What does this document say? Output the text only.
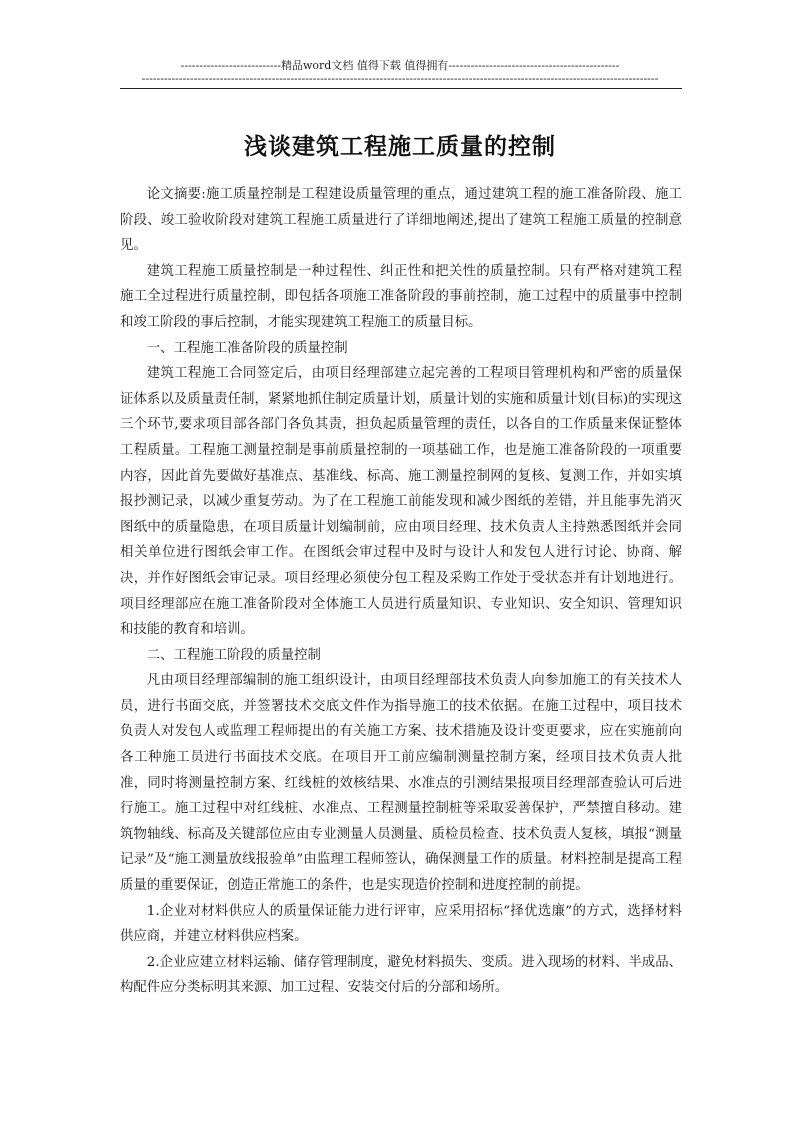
---------------------------精品word文档 值得下载 值得拥有----------------------------------------------
-------------------------------------------------------------------------------------------------------------------------------------------
浅谈建筑工程施工质量的控制

论文摘要:施工质量控制是工程建设质量管理的重点，通过建筑工程的施工准备阶段、施工阶段、竣工验收阶段对建筑工程施工质量进行了详细地阐述,提出了建筑工程施工质量的控制意见。

建筑工程施工质量控制是一种过程性、纠正性和把关性的质量控制。只有严格对建筑工程施工全过程进行质量控制，即包括各项施工准备阶段的事前控制，施工过程中的质量事中控制和竣工阶段的事后控制，才能实现建筑工程施工的质量目标。

一、工程施工准备阶段的质量控制

建筑工程施工合同签定后，由项目经理部建立起完善的工程项目管理机构和严密的质量保证体系以及质量责任制，紧紧地抓住制定质量计划，质量计划的实施和质量计划(目标)的实现这三个环节,要求项目部各部门各负其责，担负起质量管理的责任，以各自的工作质量来保证整体工程质量。工程施工测量控制是事前质量控制的一项基础工作，也是施工准备阶段的一项重要内容，因此首先要做好基准点、基准线、标高、施工测量控制网的复核、复测工作，并如实填报抄测记录，以减少重复劳动。为了在工程施工前能发现和减少图纸的差错，并且能事先消灭图纸中的质量隐患，在项目质量计划编制前，应由项目经理、技术负责人主持熟悉图纸并会同相关单位进行图纸会审工作。在图纸会审过程中及时与设计人和发包人进行讨论、协商、解决，并作好图纸会审记录。项目经理必须使分包工程及采购工作处于受状态并有计划地进行。项目经理部应在施工准备阶段对全体施工人员进行质量知识、专业知识、安全知识、管理知识和技能的教育和培训。

二、工程施工阶段的质量控制

凡由项目经理部编制的施工组织设计，由项目经理部技术负责人向参加施工的有关技术人员，进行书面交底，并签署技术交底文件作为指导施工的技术依据。在施工过程中，项目技术负责人对发包人或监理工程师提出的有关施工方案、技术措施及设计变更要求，应在实施前向各工种施工员进行书面技术交底。在项目开工前应编制测量控制方案，经项目技术负责人批准，同时将测量控制方案、红线桩的效核结果、水准点的引测结果报项目经理部查验认可后进行施工。施工过程中对红线桩、水准点、工程测量控制桩等采取妥善保护，严禁擅自移动。建筑物轴线、标高及关键部位应由专业测量人员测量、质检员检查、技术负责人复核，填报“测量记录”及“施工测量放线报验单”由监理工程师签认，确保测量工作的质量。材料控制是提高工程质量的重要保证，创造正常施工的条件，也是实现造价控制和进度控制的前提。

1.企业对材料供应人的质量保证能力进行评审，应采用招标“择优选廉”的方式，选择材料供应商，并建立材料供应档案。

2.企业应建立材料运输、储存管理制度，避免材料损失、变质。进入现场的材料、半成品、构配件应分类标明其来源、加工过程、安装交付后的分部和场所。
